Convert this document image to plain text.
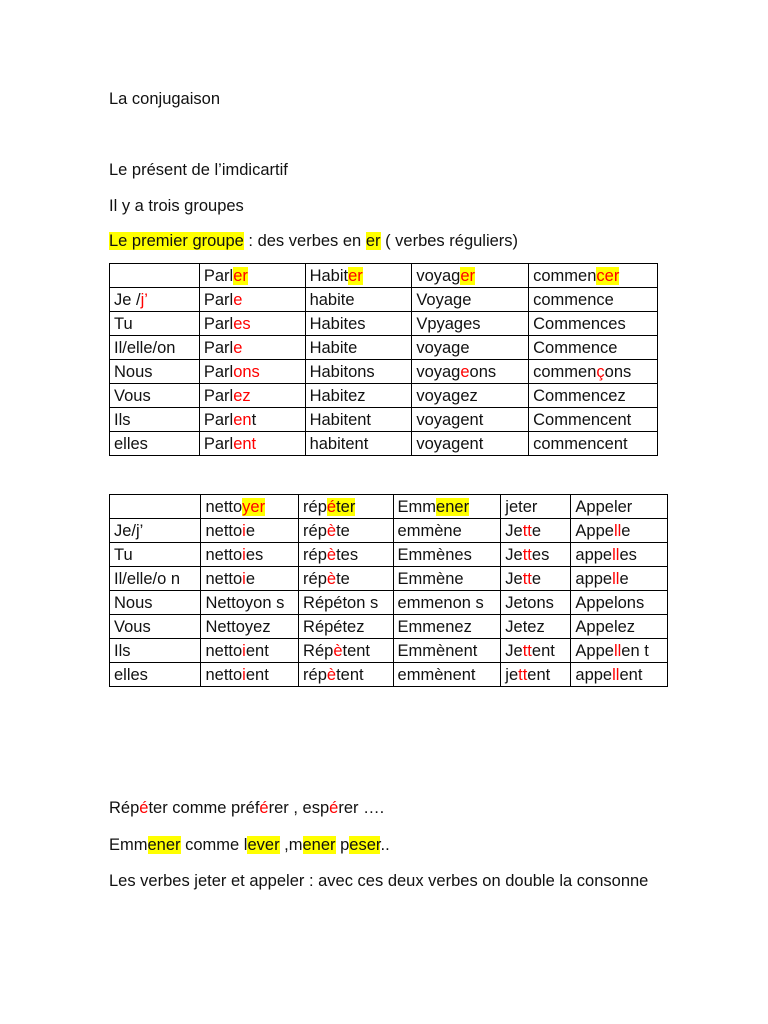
La conjugaison
Le présent de l’imdicartif
Il y a trois groupes
Le premier groupe : des verbes en er ( verbes réguliers)
	Parler	Habiter	voyager	commencer
Je /j’	Parle	habite	Voyage	commence
Tu	Parles	Habites	Vpyages	Commences
Il/elle/on	Parle	Habite	voyage	Commence
Nous	Parlons	Habitons	voyageons	commençons
Vous	Parlez	Habitez	voyagez	Commencez
Ils	Parlent	Habitent	voyagent	Commencent
elles	Parlent	habitent	voyagent	commencent
	nettoyer	répéter	Emmener	jeter	Appeler
Je/j’	nettoie	répète	emmène	Jette	Appelle
Tu	nettoies	répètes	Emmènes	Jettes	appelles
Il/elle/o n	nettoie	répète	Emmène	Jette	appelle
Nous	Nettoyon s	Répéton s	emmenon s	Jetons	Appelons
Vous	Nettoyez	Répétez	Emmenez	Jetez	Appelez
Ils	nettoient	Répètent	Emmènent	Jettent	Appellen t
elles	nettoient	répètent	emmènent	jettent	appellent
Répéter comme préférer , espérer ….
Emmener comme lever ,mener peser..
Les verbes jeter et appeler : avec ces deux verbes on double la consonne
